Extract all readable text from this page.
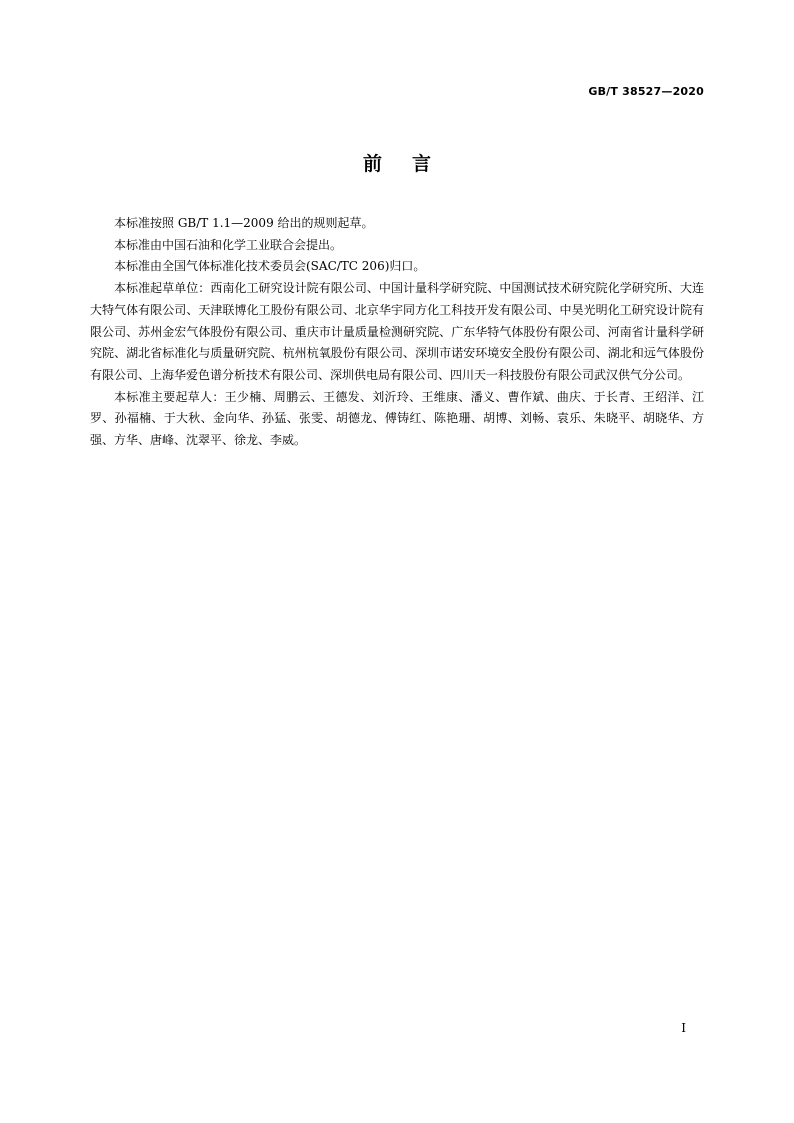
GB/T 38527—2020
前言

本标准按照 GB/T 1.1—2009 给出的规则起草。

本标准由中国石油和化学工业联合会提出。

本标准由全国气体标准化技术委员会(SAC/TC 206)归口。

本标准起草单位：西南化工研究设计院有限公司、中国计量科学研究院、中国测试技术研究院化学研究所、大连大特气体有限公司、天津联博化工股份有限公司、北京华宇同方化工科技开发有限公司、中昊光明化工研究设计院有限公司、苏州金宏气体股份有限公司、重庆市计量质量检测研究院、广东华特气体股份有限公司、河南省计量科学研究院、湖北省标准化与质量研究院、杭州杭氧股份有限公司、深圳市诺安环境安全股份有限公司、湖北和远气体股份有限公司、上海华爱色谱分析技术有限公司、深圳供电局有限公司、四川天一科技股份有限公司武汉供气分公司。

本标准主要起草人：王少楠、周鹏云、王德发、刘沂玲、王维康、潘义、曹作斌、曲庆、于长青、王绍洋、江罗、孙福楠、于大秋、金向华、孙猛、张雯、胡德龙、傅铸红、陈艳珊、胡博、刘畅、袁乐、朱晓平、胡晓华、方强、方华、唐峰、沈翠平、徐龙、李威。

I
